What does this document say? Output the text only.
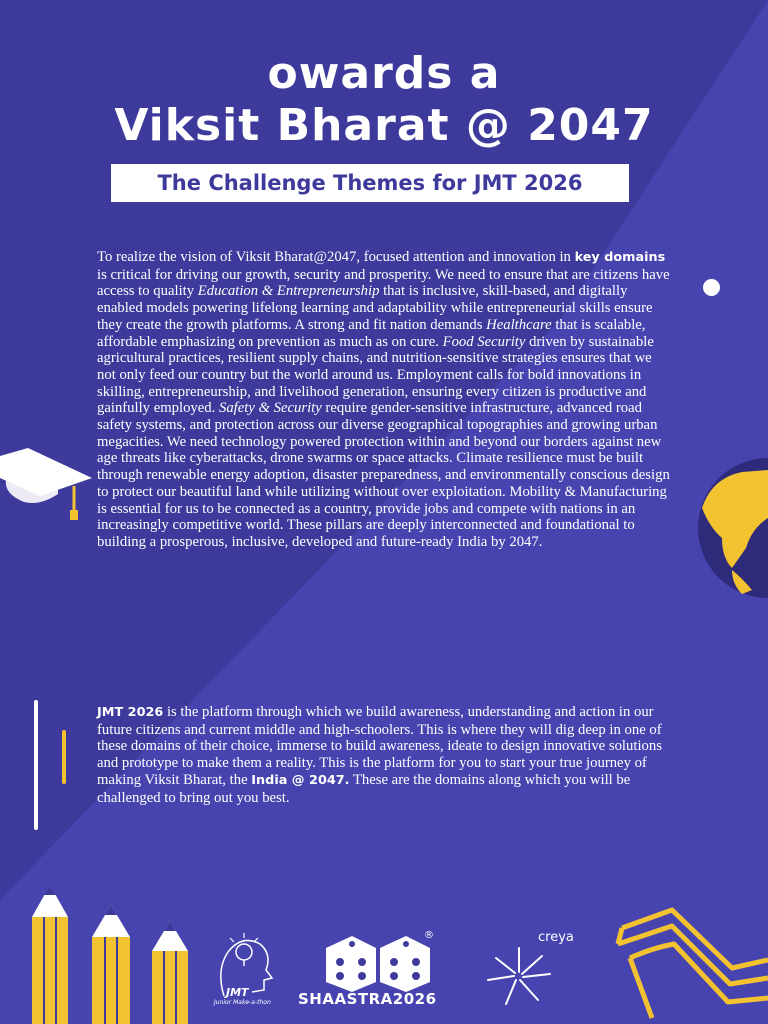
owards a
Viksit Bharat @ 2047
The Challenge Themes for JMT 2026
To realize the vision of Viksit Bharat@2047, focused attention and innovation in key domains is critical for driving our growth, security and prosperity. We need to ensure that are citizens have access to quality Education & Entrepreneurship that is inclusive, skill-based, and digitally enabled models powering lifelong learning and adaptability while entrepreneurial skills ensure they create the growth platforms. A strong and fit nation demands Healthcare that is scalable, affordable emphasizing on prevention as much as on cure. Food Security driven by sustainable agricultural practices, resilient supply chains, and nutrition-sensitive strategies ensures that we not only feed our country but the world around us. Employment calls for bold innovations in skilling, entrepreneurship, and livelihood generation, ensuring every citizen is productive and gainfully employed. Safety & Security require gender-sensitive infrastructure, advanced road safety systems, and protection across our diverse geographical topographies and growing urban megacities. We need technology powered protection within and beyond our borders against new age threats like cyberattacks, drone swarms or space attacks. Climate resilience must be built through renewable energy adoption, disaster preparedness, and environmentally conscious design to protect our beautiful land while utilizing without over exploitation. Mobility & Manufacturing is essential for us to be connected as a country, provide jobs and compete with nations in an increasingly competitive world. These pillars are deeply interconnected and foundational to building a prosperous, inclusive, developed and future-ready India by 2047.
JMT 2026 is the platform through which we build awareness, understanding and action in our future citizens and current middle and high-schoolers. This is where they will dig deep in one of these domains of their choice, immerse to build awareness, ideate to design innovative solutions and prototype to make them a reality. This is the platform for you to start your true journey of making Viksit Bharat, the India @ 2047. These are the domains along which you will be challenged to bring out you best.
JMT
Junior Make-a-thon
®
SHAASTRA2026
creya
